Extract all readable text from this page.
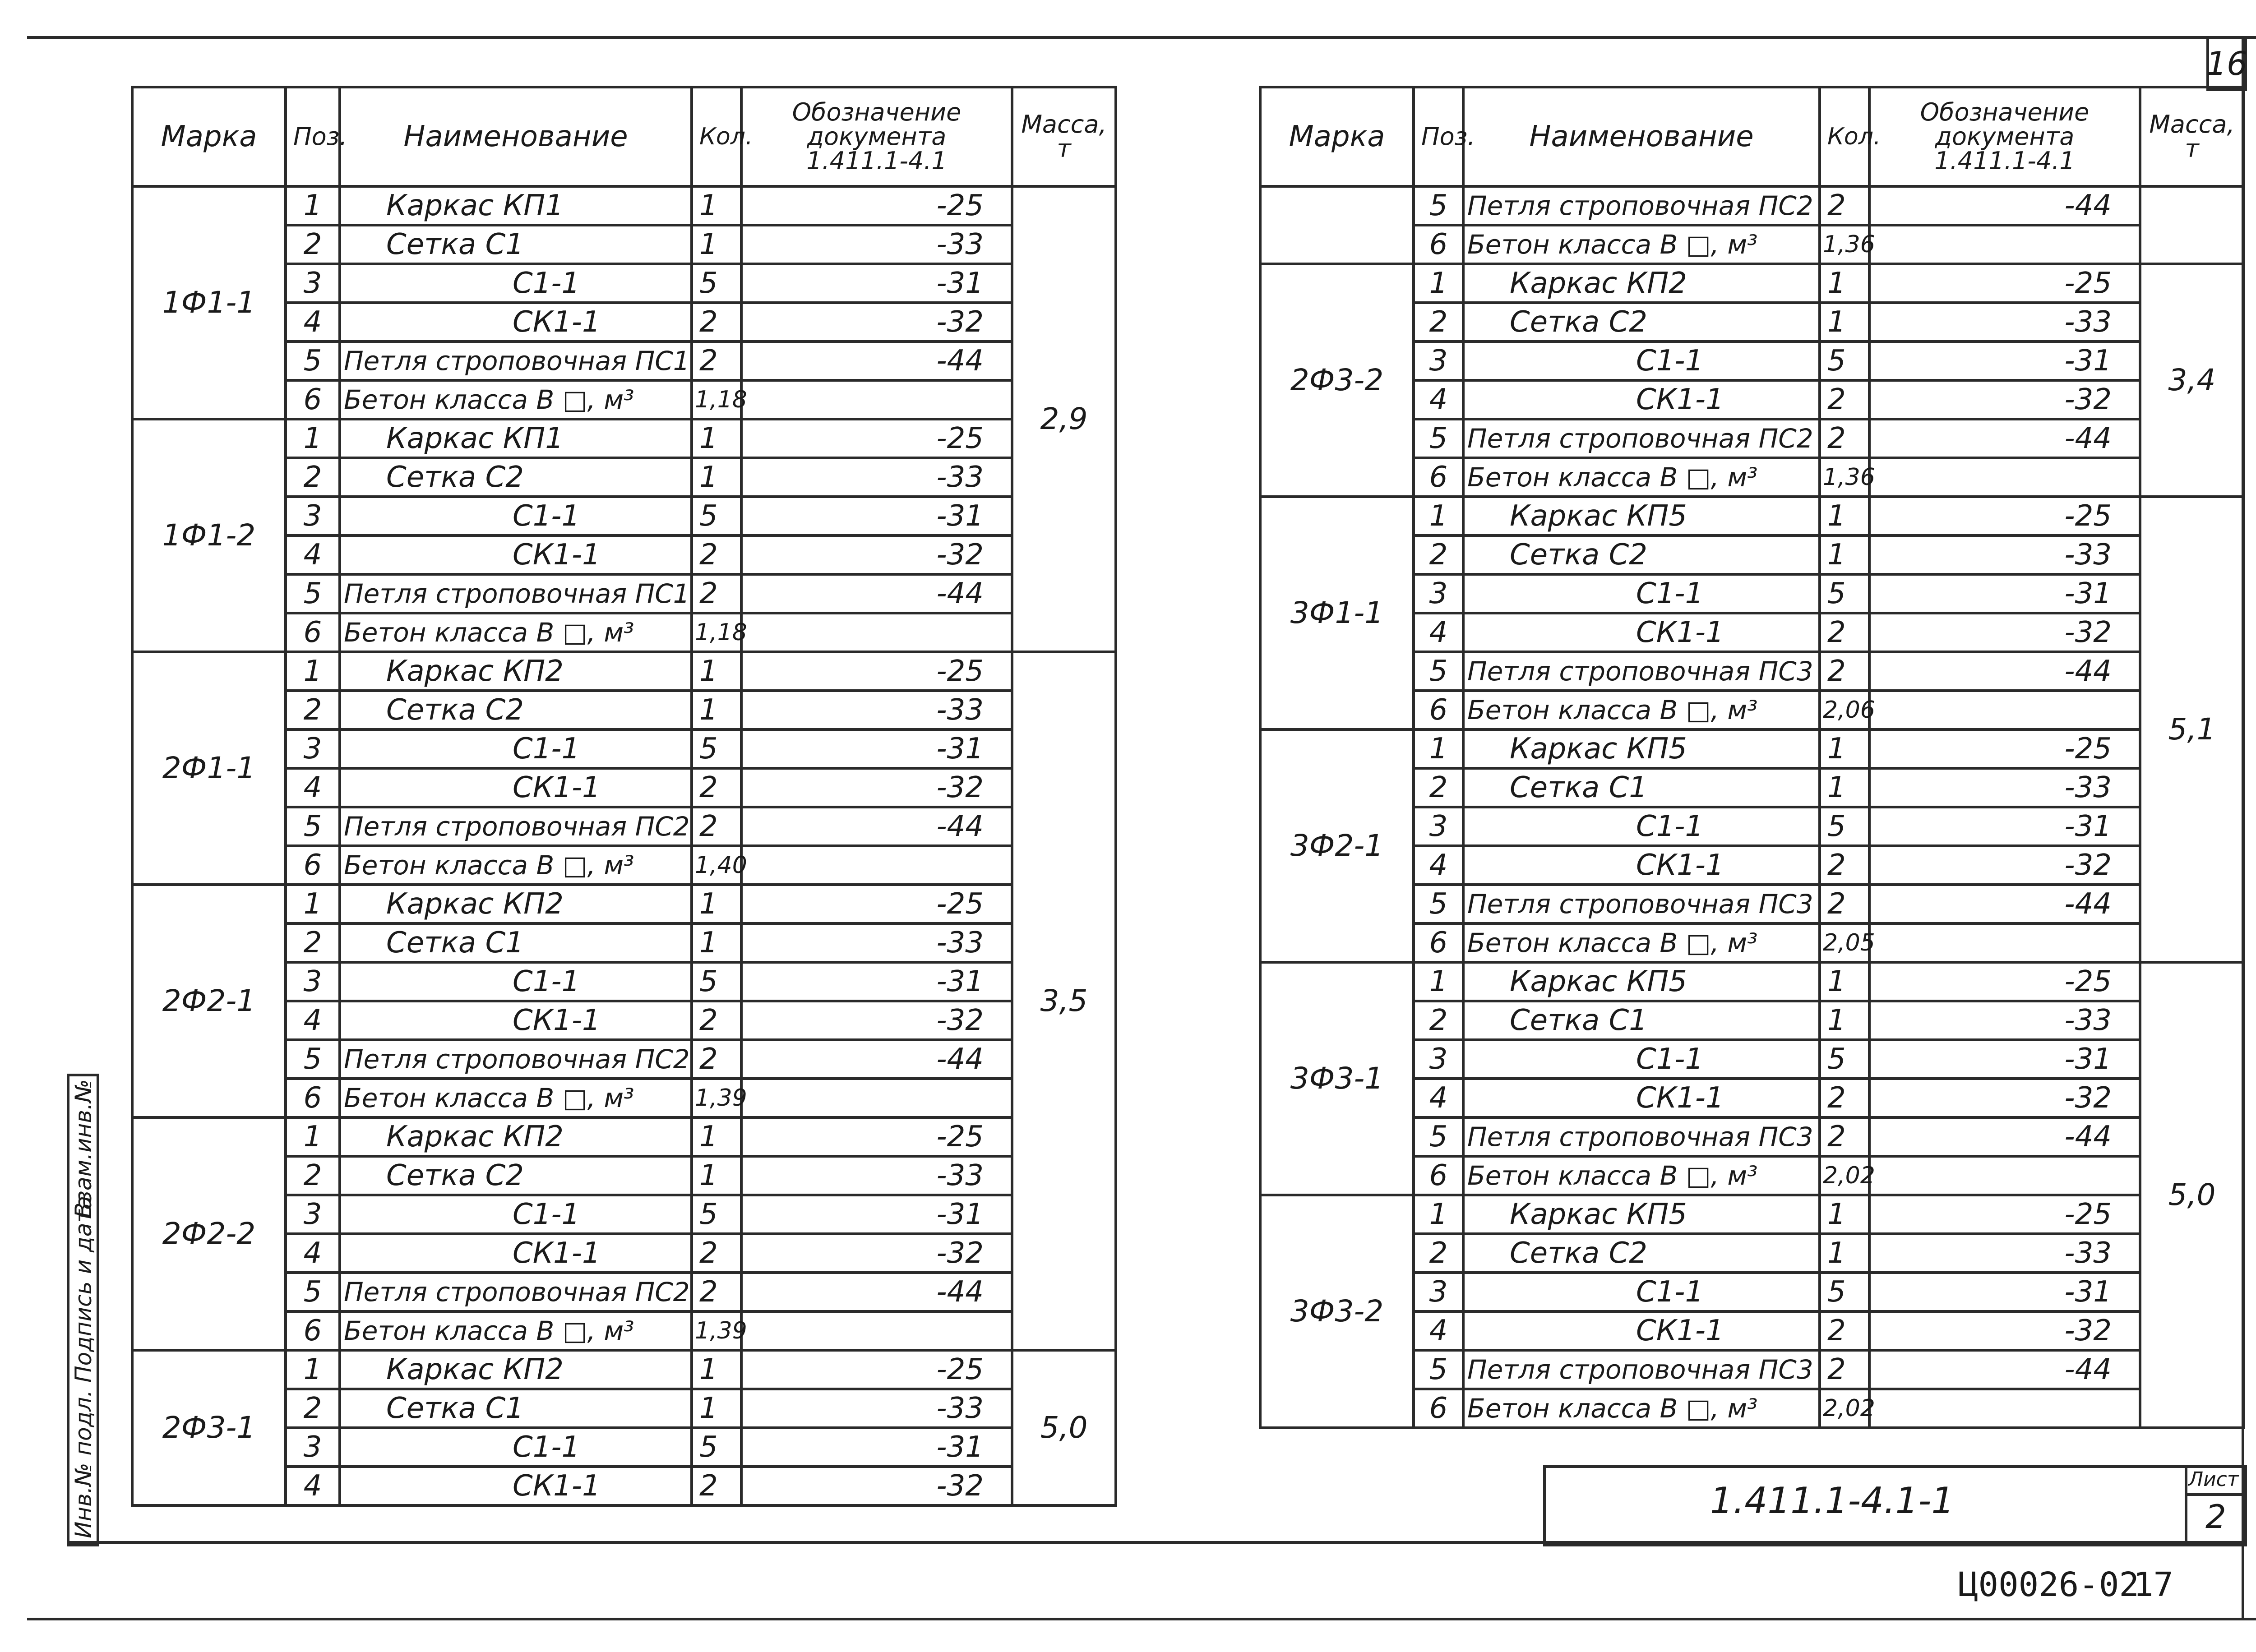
16
Инв.№ подл.
Подпись и дата
Взам.инв.№
Марка	Поз.	Наименование	Кол.	Обозначение
документа
1.411.1-4.1	Масса,
т

1Ф1-1	1	Каркас КП1	1	-25	2,9
	2	Сетка С1	1	-33	
	3	С1-1	5	-31	
	4	СК1-1	2	-32	
	5	Петля строповочная ПС1	2	-44	
	6	Бетон класса В □, м³	1,18		
1Ф1-2	1	Каркас КП1	1	-25	
	2	Сетка С2	1	-33	
	3	С1-1	5	-31	
	4	СК1-1	2	-32	
	5	Петля строповочная ПС1	2	-44	
	6	Бетон класса В □, м³	1,18		
2Ф1-1	1	Каркас КП2	1	-25	3,5
	2	Сетка С2	1	-33	
	3	С1-1	5	-31	
	4	СК1-1	2	-32	
	5	Петля строповочная ПС2	2	-44	
	6	Бетон класса В □, м³	1,40		
2Ф2-1	1	Каркас КП2	1	-25	
	2	Сетка С1	1	-33	
	3	С1-1	5	-31	
	4	СК1-1	2	-32	
	5	Петля строповочная ПС2	2	-44	
	6	Бетон класса В □, м³	1,39		
2Ф2-2	1	Каркас КП2	1	-25	
	2	Сетка С2	1	-33	
	3	С1-1	5	-31	
	4	СК1-1	2	-32	
	5	Петля строповочная ПС2	2	-44	
	6	Бетон класса В □, м³	1,39		
2Ф3-1	1	Каркас КП2	1	-25	5,0
	2	Сетка С1	1	-33	
	3	С1-1	5	-31	
	4	СК1-1	2	-32	
Марка	Поз.	Наименование	Кол.	Обозначение
документа
1.411.1-4.1	Масса,
т

	5	Петля строповочная ПС2	2	-44	
	6	Бетон класса В □, м³	1,36		
2Ф3-2	1	Каркас КП2	1	-25	3,4
	2	Сетка С2	1	-33	
	3	С1-1	5	-31	
	4	СК1-1	2	-32	
	5	Петля строповочная ПС2	2	-44	
	6	Бетон класса В □, м³	1,36		
3Ф1-1	1	Каркас КП5	1	-25	5,1
	2	Сетка С2	1	-33	
	3	С1-1	5	-31	
	4	СК1-1	2	-32	
	5	Петля строповочная ПС3	2	-44	
	6	Бетон класса В □, м³	2,06		
3Ф2-1	1	Каркас КП5	1	-25	
	2	Сетка С1	1	-33	
	3	С1-1	5	-31	
	4	СК1-1	2	-32	
	5	Петля строповочная ПС3	2	-44	
	6	Бетон класса В □, м³	2,05		
3Ф3-1	1	Каркас КП5	1	-25	5,0
	2	Сетка С1	1	-33	
	3	С1-1	5	-31	
	4	СК1-1	2	-32	
	5	Петля строповочная ПС3	2	-44	
	6	Бетон класса В □, м³	2,02		
3Ф3-2	1	Каркас КП5	1	-25	
	2	Сетка С2	1	-33	
	3	С1-1	5	-31	
	4	СК1-1	2	-32	
	5	Петля строповочная ПС3	2	-44	
	6	Бетон класса В □, м³	2,02		
1.411.1-4.1-1
Лист
2
Ц00026-02
17
